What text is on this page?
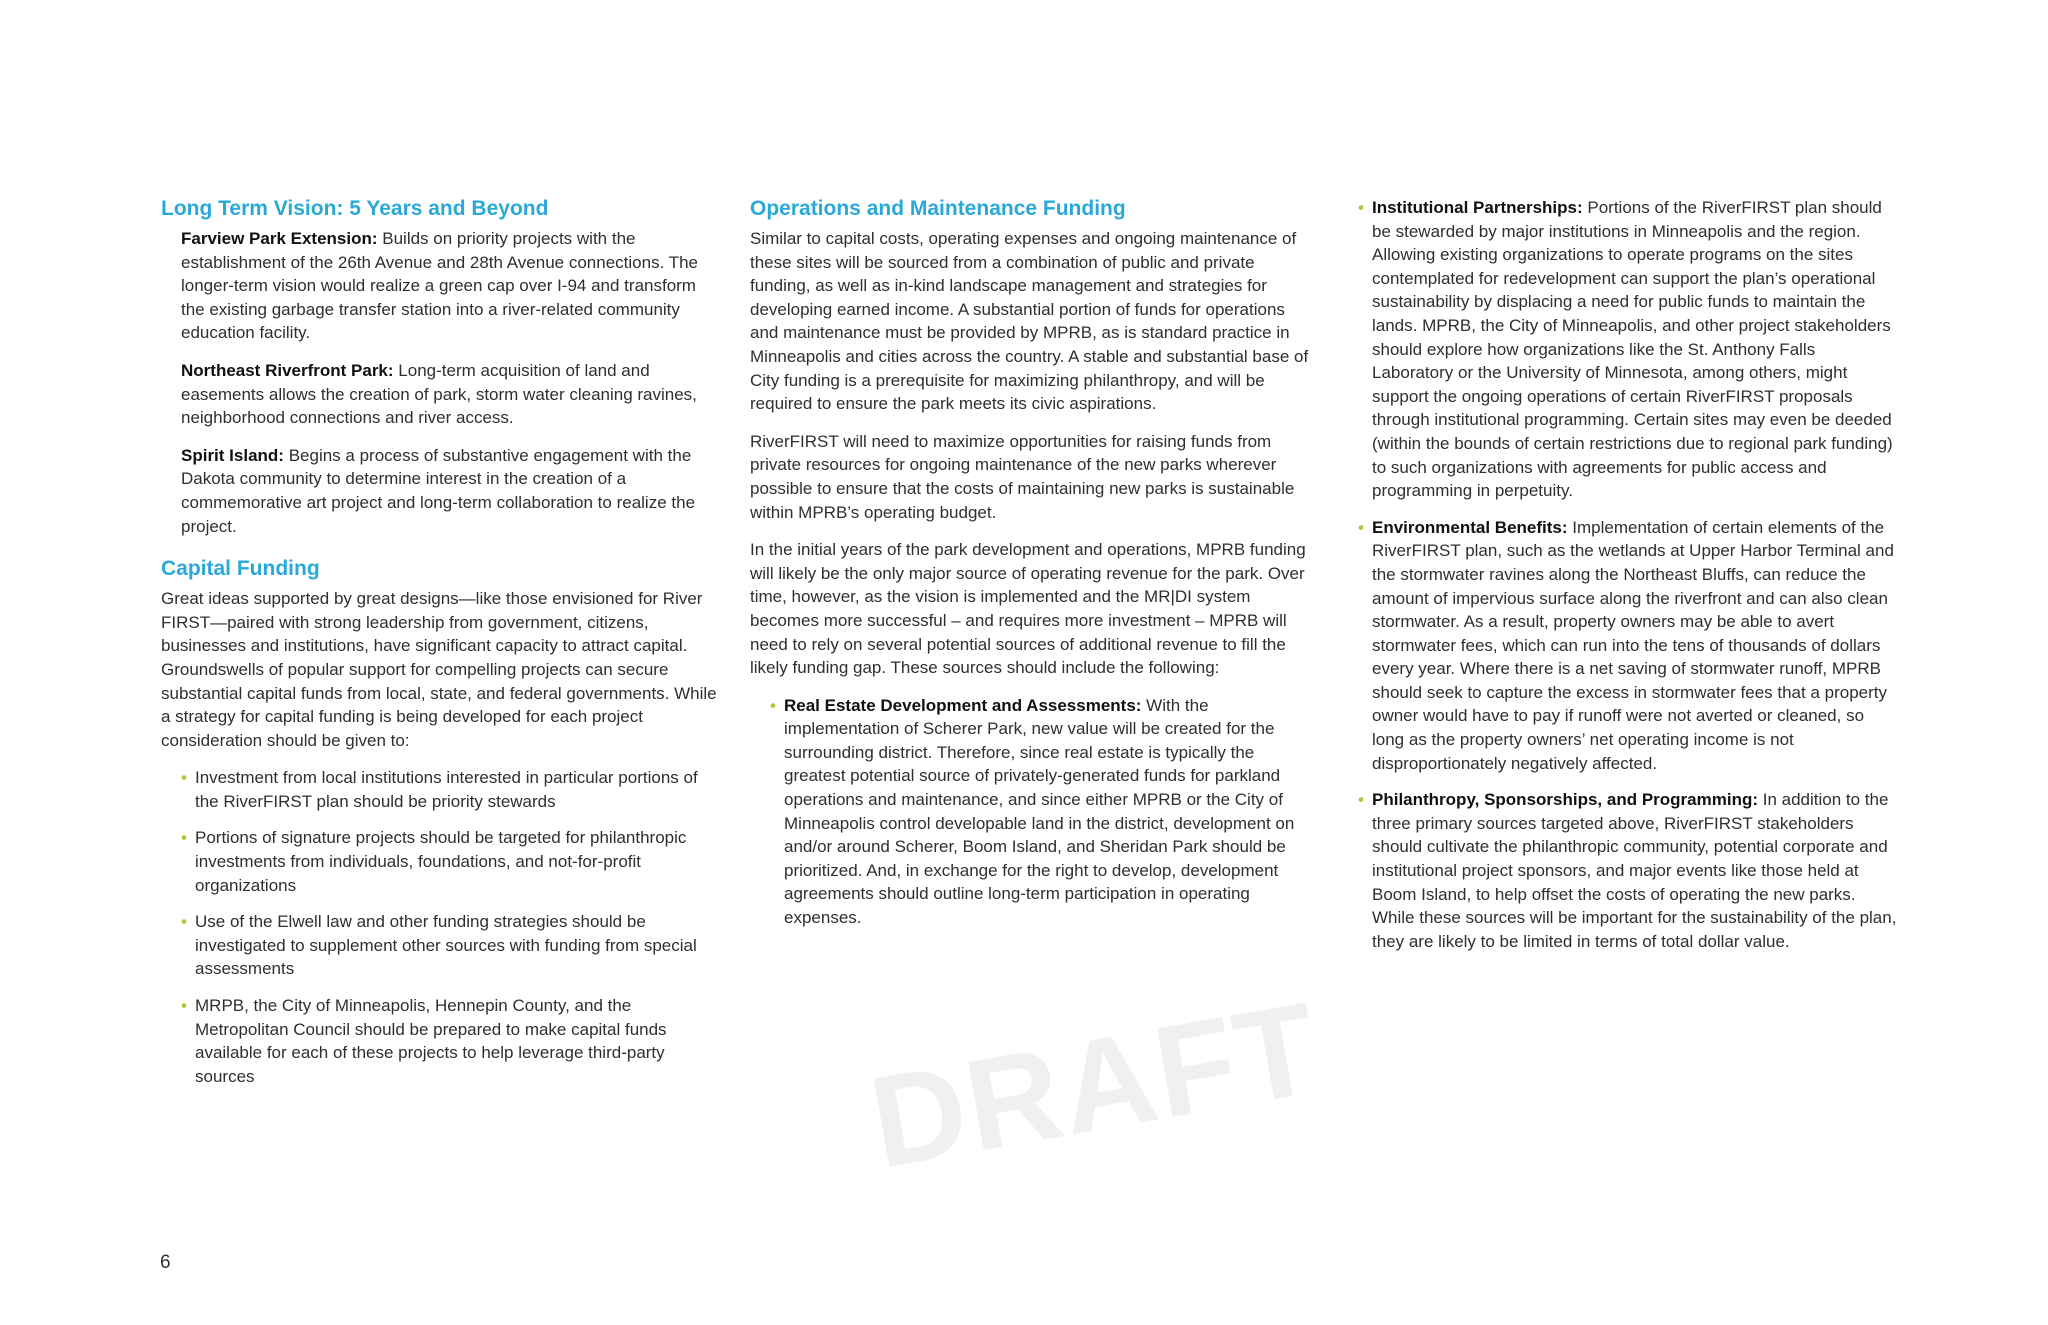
DRAFT
Long Term Vision: 5 Years and Beyond

Farview Park Extension: Builds on priority projects with the establishment of the 26th Avenue and 28th Avenue connections. The longer-term vision would realize a green cap over I-94 and transform the existing garbage transfer station into a river-related community education facility.

Northeast Riverfront Park: Long-term acquisition of land and easements allows the creation of park, storm water cleaning ravines, neighborhood connections and river access.

Spirit Island: Begins a process of substantive engagement with the Dakota community to determine interest in the creation of a commemorative art project and long-term collaboration to realize the project.

Capital Funding

Great ideas supported by great designs—like those envisioned for River FIRST—paired with strong leadership from government, citizens, businesses and institutions, have significant capacity to attract capital. Groundswells of popular support for compelling projects can secure substantial capital funds from local, state, and federal governments. While a strategy for capital funding is being developed for each project consideration should be given to:

• Investment from local institutions interested in particular portions of the RiverFIRST plan should be priority stewards
• Portions of signature projects should be targeted for philanthropic investments from individuals, foundations, and not-for-profit organizations
• Use of the Elwell law and other funding strategies should be investigated to supplement other sources with funding from special assessments
• MRPB, the City of Minneapolis, Hennepin County, and the Metropolitan Council should be prepared to make capital funds available for each of these projects to help leverage third-party sources
Operations and Maintenance Funding

Similar to capital costs, operating expenses and ongoing maintenance of these sites will be sourced from a combination of public and private funding, as well as in-kind landscape management and strategies for developing earned income. A substantial portion of funds for operations and maintenance must be provided by MPRB, as is standard practice in Minneapolis and cities across the country. A stable and substantial base of City funding is a prerequisite for maximizing philanthropy, and will be required to ensure the park meets its civic aspirations.

RiverFIRST will need to maximize opportunities for raising funds from private resources for ongoing maintenance of the new parks wherever possible to ensure that the costs of maintaining new parks is sustainable within MPRB’s operating budget.

In the initial years of the park development and operations, MPRB funding will likely be the only major source of operating revenue for the park. Over time, however, as the vision is implemented and the MR|DI system becomes more successful – and requires more investment – MPRB will need to rely on several potential sources of additional revenue to fill the likely funding gap. These sources should include the following:

• Real Estate Development and Assessments: With the implementation of Scherer Park, new value will be created for the surrounding district. Therefore, since real estate is typically the greatest potential source of privately-generated funds for parkland operations and maintenance, and since either MPRB or the City of Minneapolis control developable land in the district, development on and/or around Scherer, Boom Island, and Sheridan Park should be prioritized. And, in exchange for the right to develop, development agreements should outline long-term participation in operating expenses.
• Institutional Partnerships: Portions of the RiverFIRST plan should be stewarded by major institutions in Minneapolis and the region. Allowing existing organizations to operate programs on the sites contemplated for redevelopment can support the plan’s operational sustainability by displacing a need for public funds to maintain the lands. MPRB, the City of Minneapolis, and other project stakeholders should explore how organizations like the St. Anthony Falls Laboratory or the University of Minnesota, among others, might support the ongoing operations of certain RiverFIRST proposals through institutional programming. Certain sites may even be deeded (within the bounds of certain restrictions due to regional park funding) to such organizations with agreements for public access and programming in perpetuity.
• Environmental Benefits: Implementation of certain elements of the RiverFIRST plan, such as the wetlands at Upper Harbor Terminal and the stormwater ravines along the Northeast Bluffs, can reduce the amount of impervious surface along the riverfront and can also clean stormwater. As a result, property owners may be able to avert stormwater fees, which can run into the tens of thousands of dollars every year. Where there is a net saving of stormwater runoff, MPRB should seek to capture the excess in stormwater fees that a property owner would have to pay if runoff were not averted or cleaned, so long as the property owners’ net operating income is not disproportionately negatively affected.
• Philanthropy, Sponsorships, and Programming: In addition to the three primary sources targeted above, RiverFIRST stakeholders should cultivate the philanthropic community, potential corporate and institutional project sponsors, and major events like those held at Boom Island, to help offset the costs of operating the new parks. While these sources will be important for the sustainability of the plan, they are likely to be limited in terms of total dollar value.
6
